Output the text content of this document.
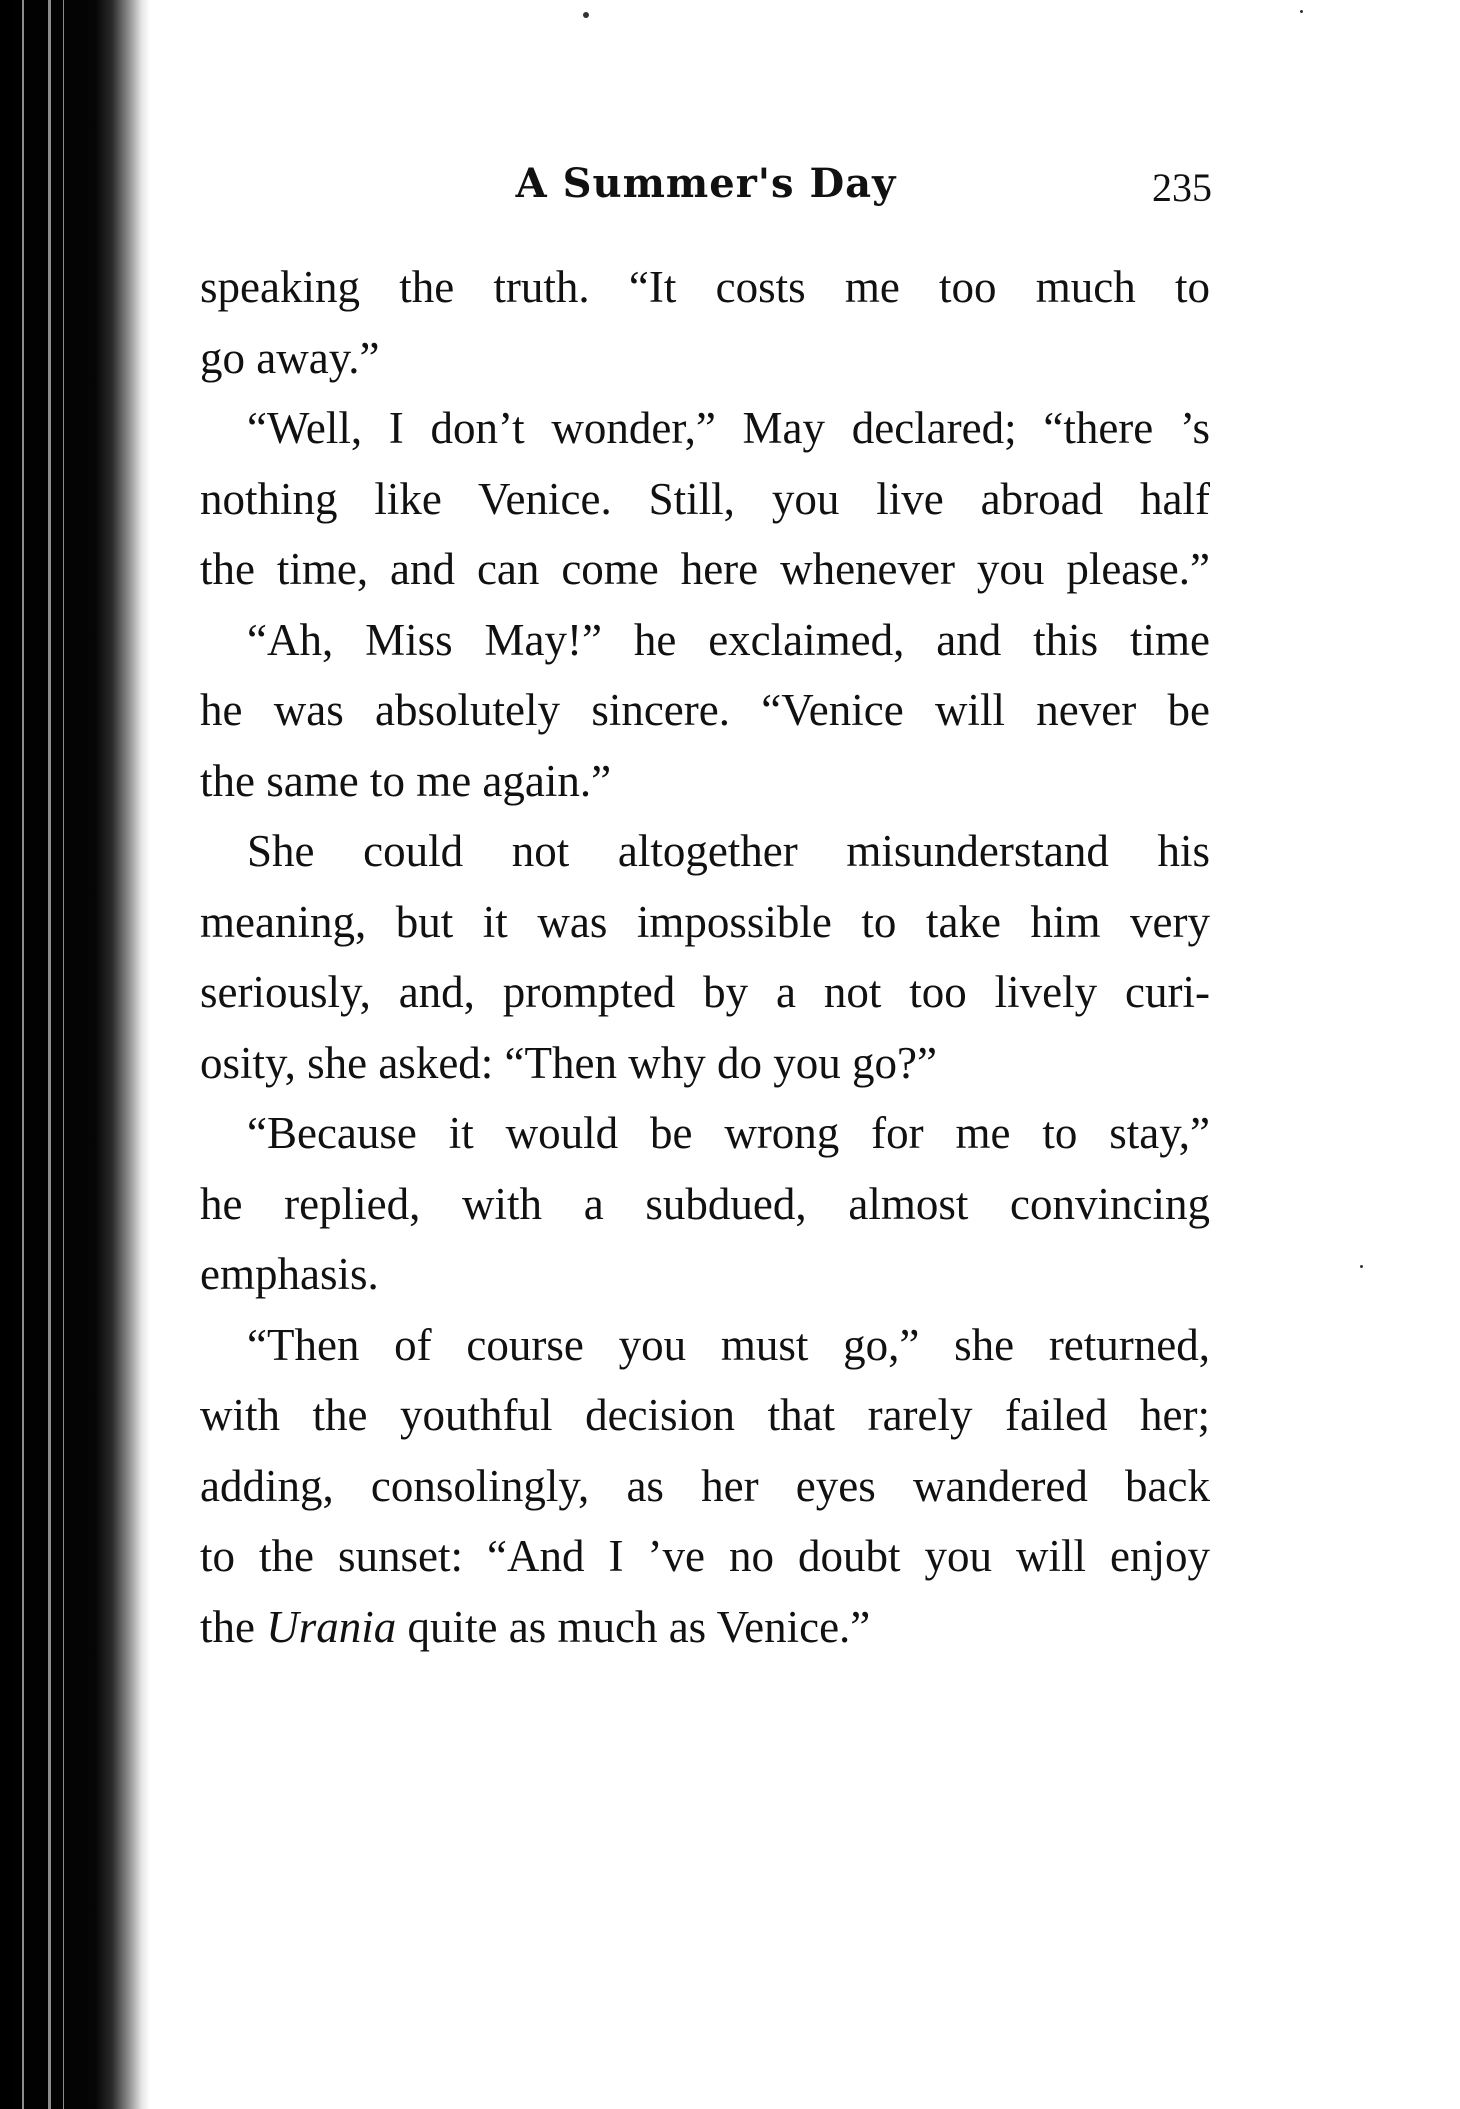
A Summer's Day	235
speaking the truth. “It costs me too much to
go away.”
“Well, I don’t wonder,” May declared; “there ’s
nothing like Venice. Still, you live abroad half
the time, and can come here whenever you please.”
“Ah, Miss May!” he exclaimed, and this time
he was absolutely sincere. “Venice will never be
the same to me again.”
She could not altogether misunderstand his
meaning, but it was impossible to take him very
seriously, and, prompted by a not too lively curi-
osity, she asked: “Then why do you go?”
“Because it would be wrong for me to stay,”
he replied, with a subdued, almost convincing
emphasis.
“Then of course you must go,” she returned,
with the youthful decision that rarely failed her;
adding, consolingly, as her eyes wandered back
to the sunset: “And I ’ve no doubt you will enjoy
the Urania quite as much as Venice.”
